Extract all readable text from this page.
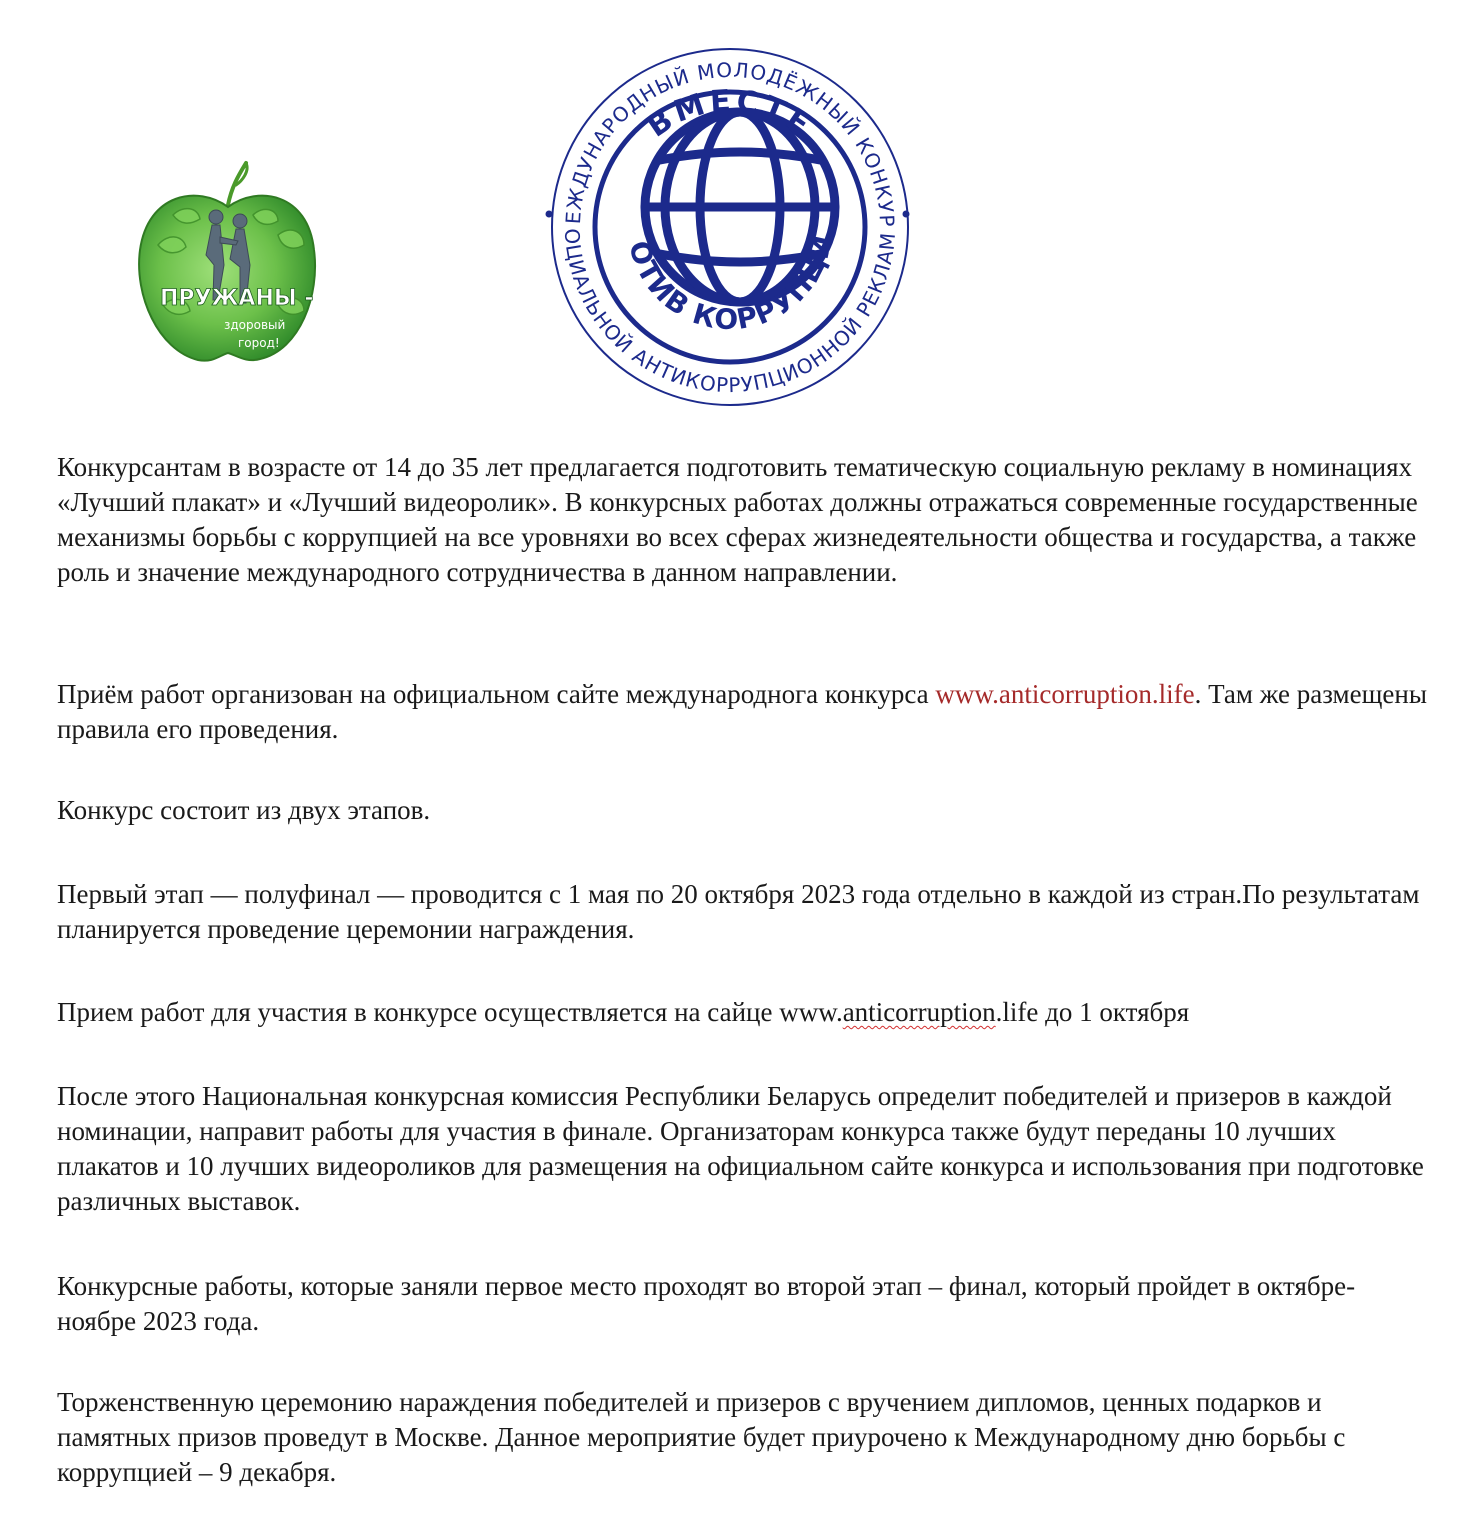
ПРУЖАНЫ -
здоровый
город!
ЕЖДУНАРОДНЫЙ МОЛОДЁЖНЫЙ КОНКУР
ОЦИАЛЬНОЙ АНТИКОРРУПЦИОННОЙ РЕКЛАМ
ВМЕСТЕ
ОТИВ КОРРУПЦИ

Конкурсантам в возрасте от 14 до 35 лет предлагается подготовить тематическую социальную рекламу в номинациях «Лучший плакат» и «Лучший видеоролик». В конкурсных работах должны отражаться современные государственные механизмы борьбы с коррупцией на все уровняхи во всех сферах жизнедеятельности общества и государства, а также роль и значение международного сотрудничества в данном направлении.

Приём работ организован на официальном сайте международнога конкурса www.anticorruption.life. Там же размещены правила его проведения.

Конкурс состоит из двух этапов.

Первый этап — полуфинал — проводится с 1 мая по 20 октября 2023 года отдельно в каждой из стран.По результатам планируется проведение церемонии награждения.

Прием работ для участия в конкурсе осуществляется на сайце www.anticorruption.life до 1 октября

После этого Национальная конкурсная комиссия Республики Беларусь определит победителей и призеров в каждой номинации, направит работы для участия в финале. Организаторам конкурса также будут переданы 10 лучших плакатов и 10 лучших видеороликов для размещения на официальном сайте конкурса и использования при подготовке различных выставок.

Конкурсные работы, которые заняли первое место проходят во второй этап – финал, который пройдет в октябре-ноябре 2023 года.

Торженственную церемонию нараждения победителей и призеров с вручением дипломов, ценных подарков и памятных призов проведут в Москве. Данное мероприятие будет приурочено к Международному дню борьбы с коррупцией – 9 декабря.
